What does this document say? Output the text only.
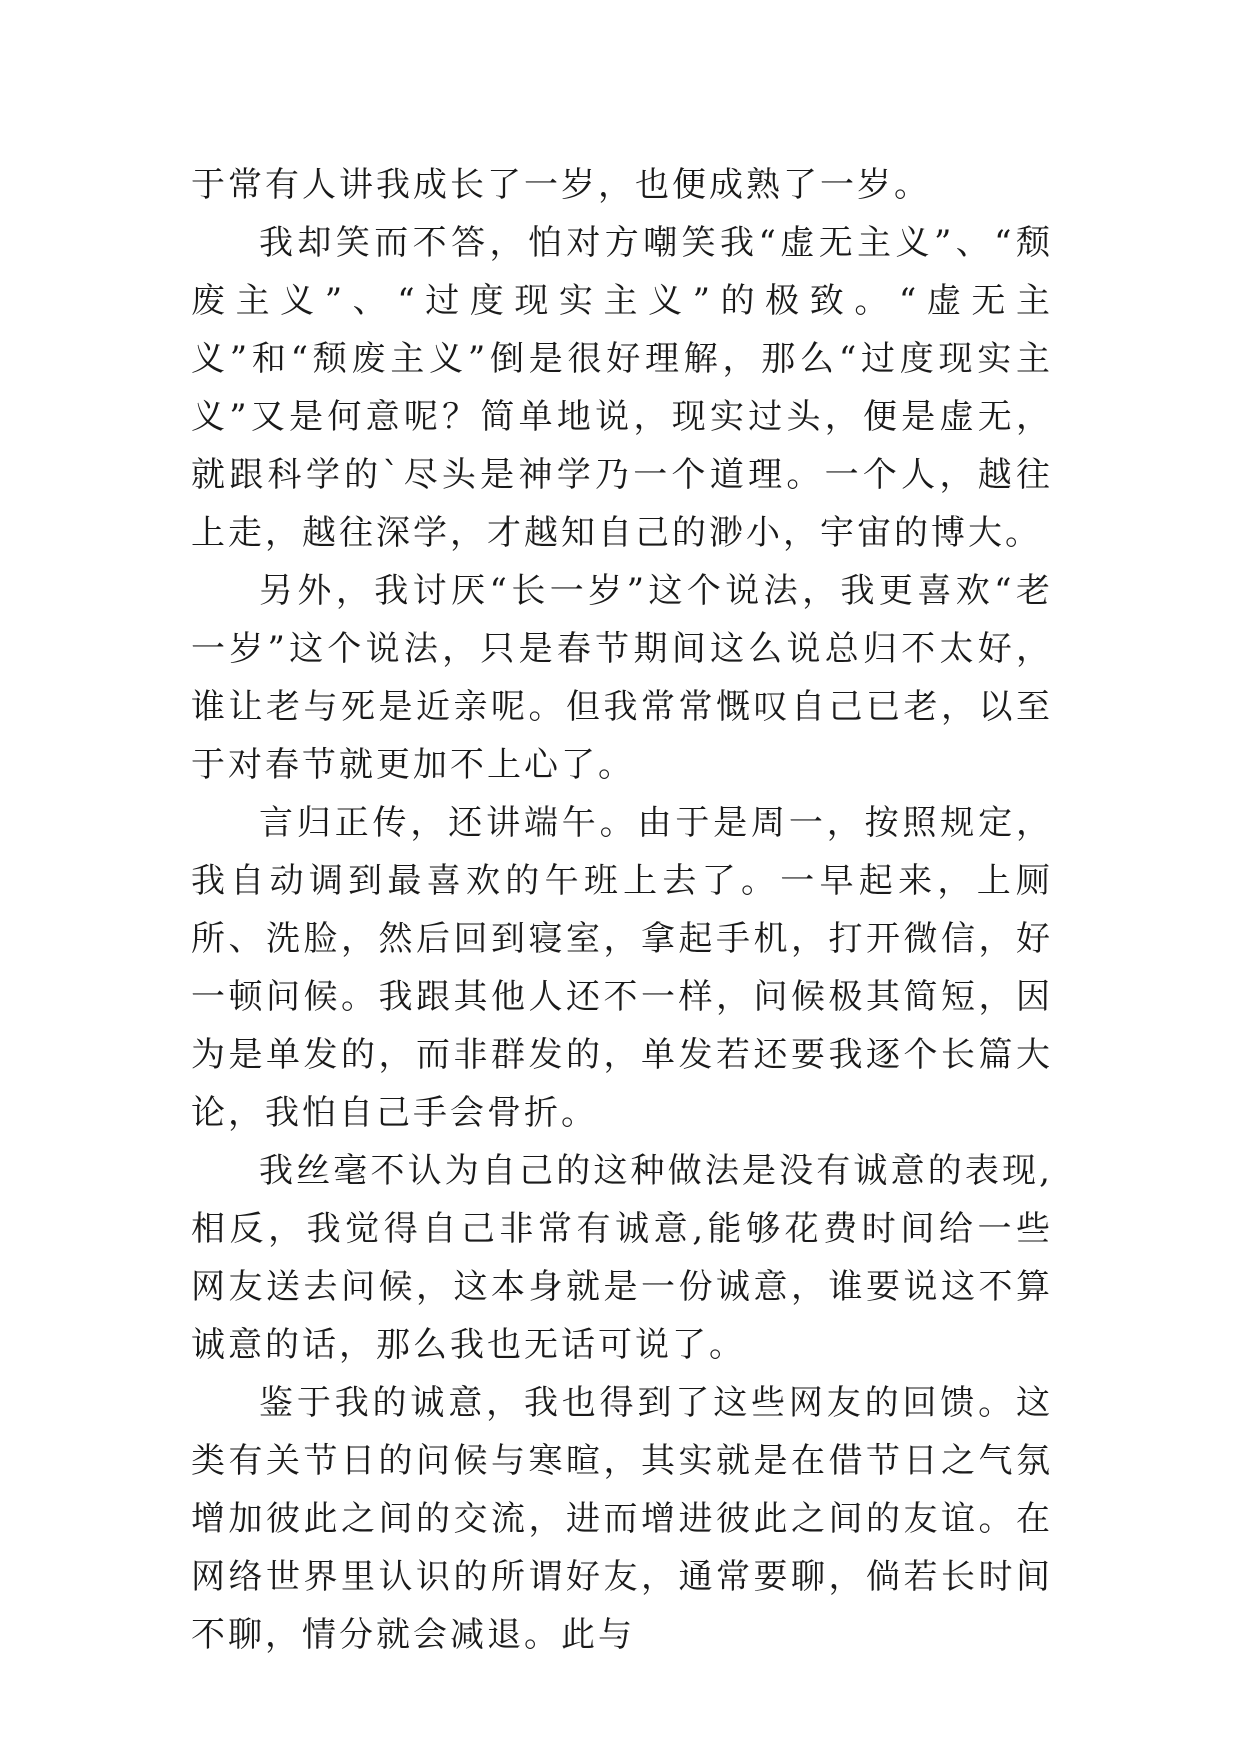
于常有人讲我成长了一岁，也便成熟了一岁。

我却笑而不答，怕对方嘲笑我“虚无主义”、“颓废主义”、“过度现实主义”的极致。“虚无主义”和“颓废主义”倒是很好理解，那么“过度现实主义”又是何意呢？简单地说，现实过头，便是虚无，就跟科学的`尽头是神学乃一个道理。一个人，越往上走，越往深学，才越知自己的渺小，宇宙的博大。

另外，我讨厌“长一岁”这个说法，我更喜欢“老一岁”这个说法，只是春节期间这么说总归不太好，谁让老与死是近亲呢。但我常常慨叹自己已老，以至于对春节就更加不上心了。

言归正传，还讲端午。由于是周一，按照规定，我自动调到最喜欢的午班上去了。一早起来，上厕所、洗脸，然后回到寝室，拿起手机，打开微信，好一顿问候。我跟其他人还不一样，问候极其简短，因为是单发的，而非群发的，单发若还要我逐个长篇大论，我怕自己手会骨折。

我丝毫不认为自己的这种做法是没有诚意的表现,相反，我觉得自己非常有诚意,能够花费时间给一些网友送去问候，这本身就是一份诚意，谁要说这不算诚意的话，那么我也无话可说了。

鉴于我的诚意，我也得到了这些网友的回馈。这类有关节日的问候与寒暄，其实就是在借节日之气氛增加彼此之间的交流，进而增进彼此之间的友谊。在网络世界里认识的所谓好友，通常要聊，倘若长时间不聊，情分就会减退。此与
